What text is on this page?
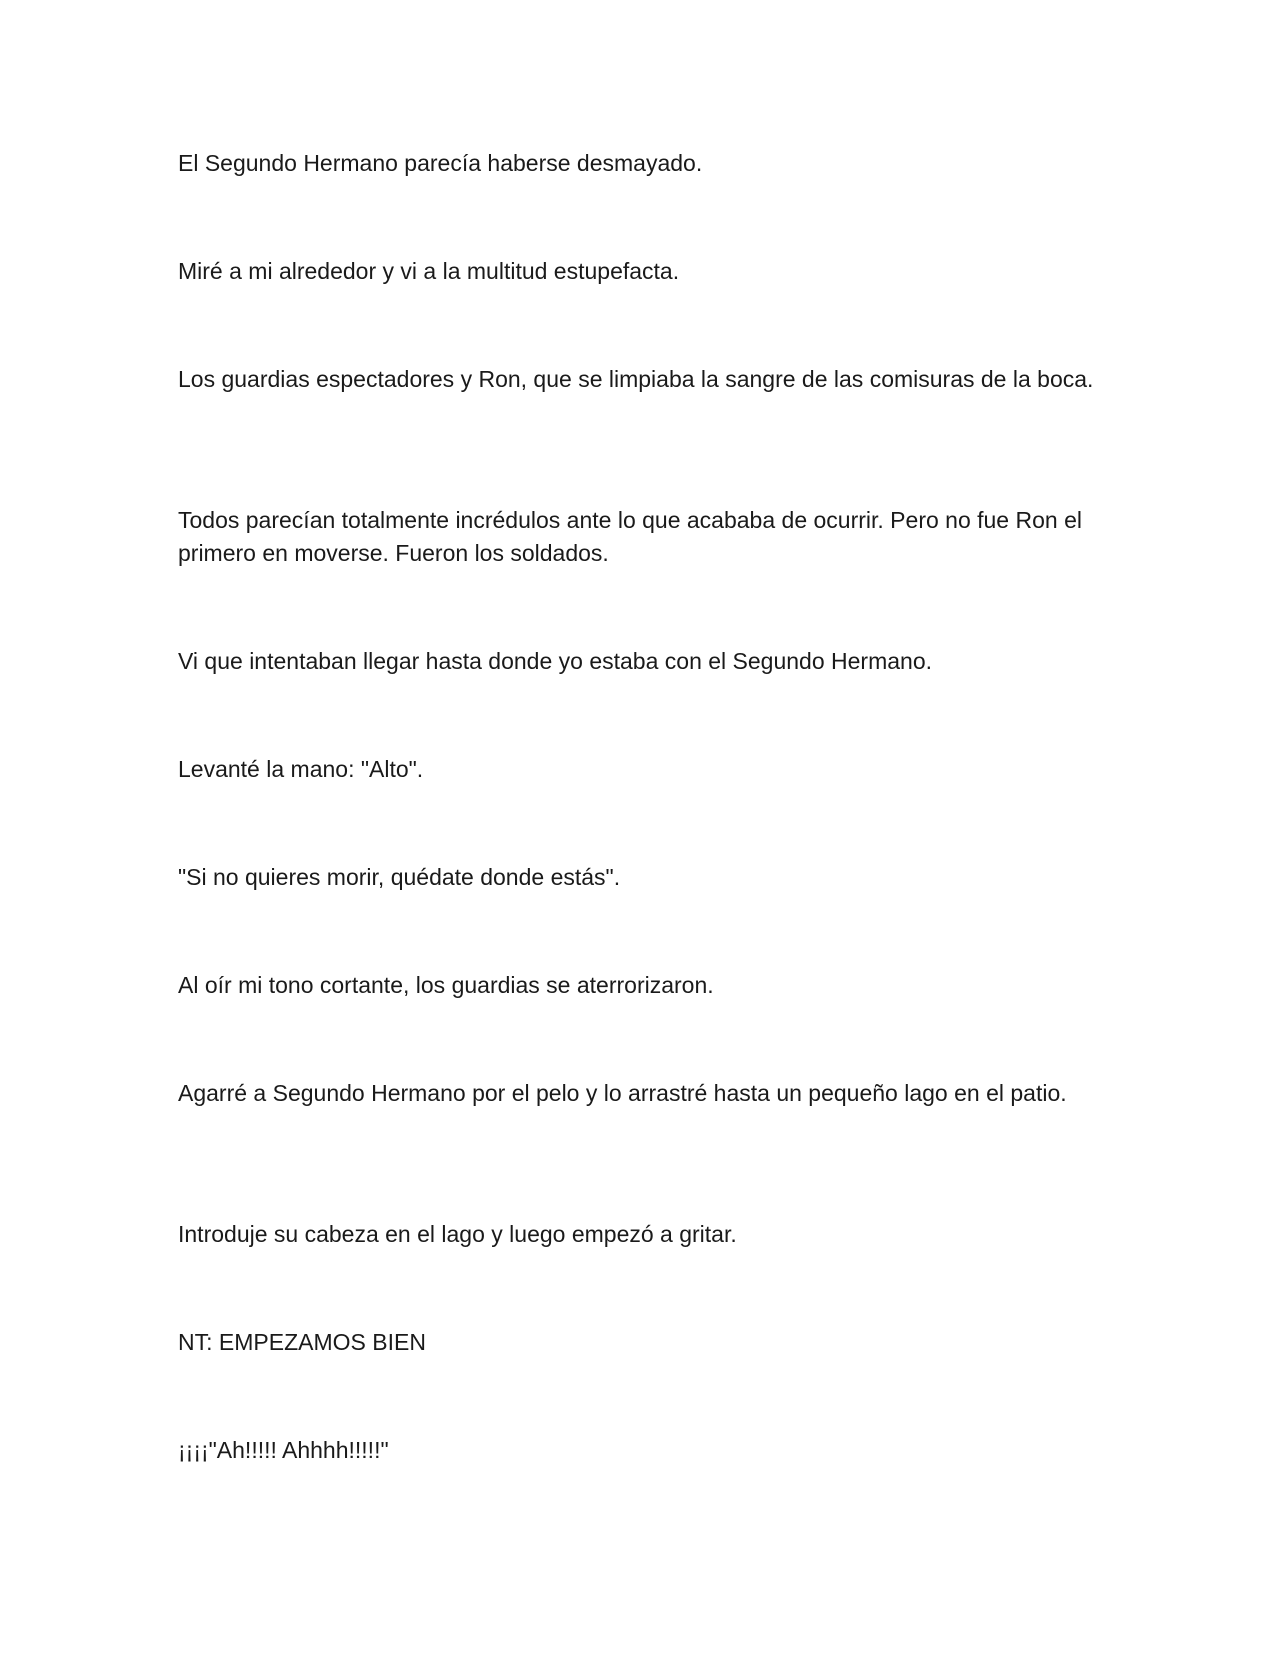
El Segundo Hermano parecía haberse desmayado.

Miré a mi alrededor y vi a la multitud estupefacta.

Los guardias espectadores y Ron, que se limpiaba la sangre de las comisuras de la boca.

Todos parecían totalmente incrédulos ante lo que acababa de ocurrir. Pero no fue Ron el primero en moverse. Fueron los soldados.

Vi que intentaban llegar hasta donde yo estaba con el Segundo Hermano.

Levanté la mano: "Alto".

"Si no quieres morir, quédate donde estás".

Al oír mi tono cortante, los guardias se aterrorizaron.

Agarré a Segundo Hermano por el pelo y lo arrastré hasta un pequeño lago en el patio.

Introduje su cabeza en el lago y luego empezó a gritar.

NT: EMPEZAMOS BIEN

¡¡¡¡"Ah!!!!! Ahhhh!!!!!"
